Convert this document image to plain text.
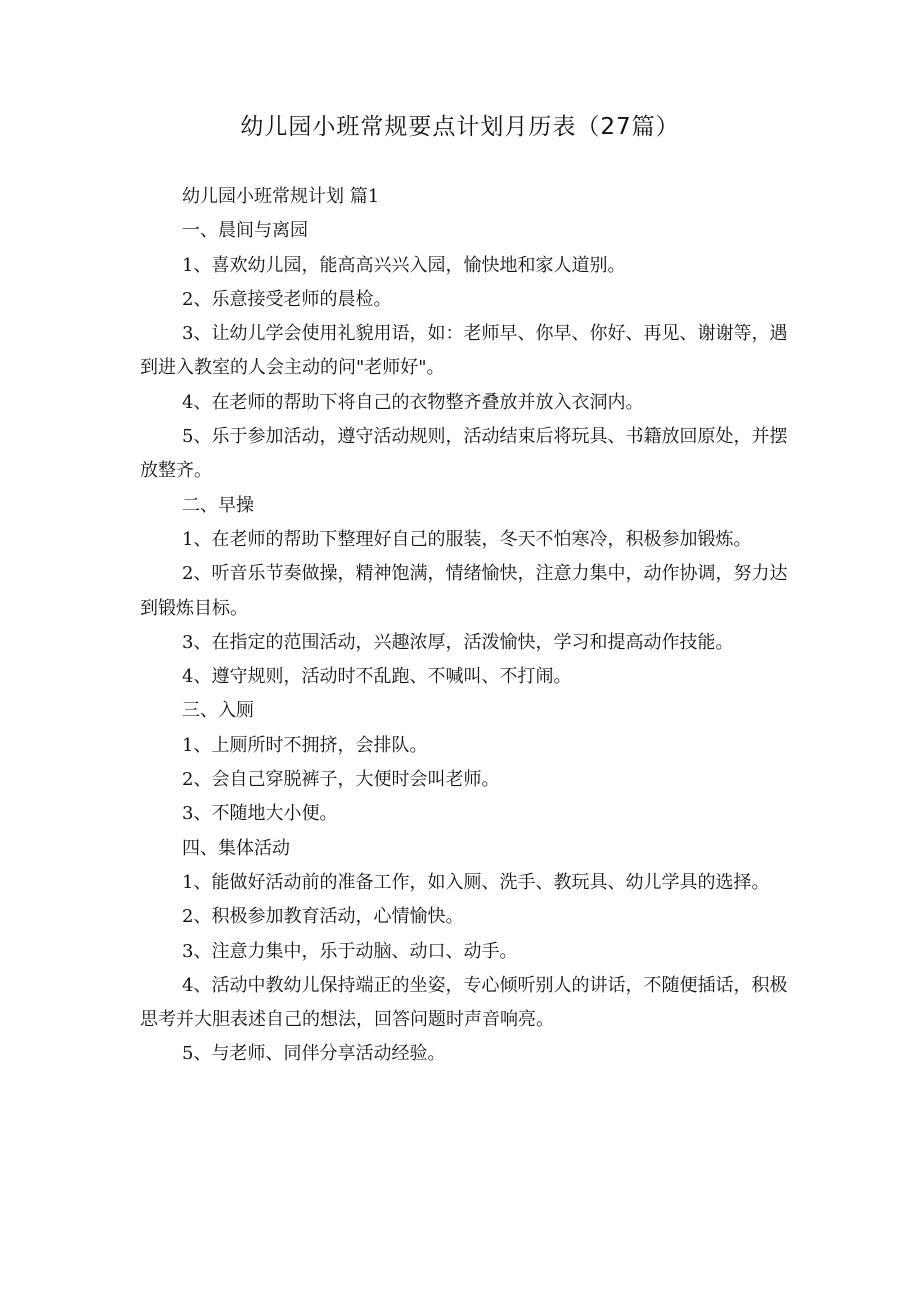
幼儿园小班常规要点计划月历表（27篇）

幼儿园小班常规计划 篇1

一、晨间与离园

1、喜欢幼儿园，能高高兴兴入园，愉快地和家人道别。

2、乐意接受老师的晨检。

3、让幼儿学会使用礼貌用语，如：老师早、你早、你好、再见、谢谢等，遇到进入教室的人会主动的问"老师好"。

4、在老师的帮助下将自己的衣物整齐叠放并放入衣洞内。

5、乐于参加活动，遵守活动规则，活动结束后将玩具、书籍放回原处，并摆放整齐。

二、早操

1、在老师的帮助下整理好自己的服装，冬天不怕寒冷，积极参加锻炼。

2、听音乐节奏做操，精神饱满，情绪愉快，注意力集中，动作协调，努力达到锻炼目标。

3、在指定的范围活动，兴趣浓厚，活泼愉快，学习和提高动作技能。

4、遵守规则，活动时不乱跑、不喊叫、不打闹。

三、入厕

1、上厕所时不拥挤，会排队。

2、会自己穿脱裤子，大便时会叫老师。

3、不随地大小便。

四、集体活动

1、能做好活动前的准备工作，如入厕、洗手、教玩具、幼儿学具的选择。

2、积极参加教育活动，心情愉快。

3、注意力集中，乐于动脑、动口、动手。

4、活动中教幼儿保持端正的坐姿，专心倾听别人的讲话，不随便插话，积极思考并大胆表述自己的想法，回答问题时声音响亮。

5、与老师、同伴分享活动经验。
